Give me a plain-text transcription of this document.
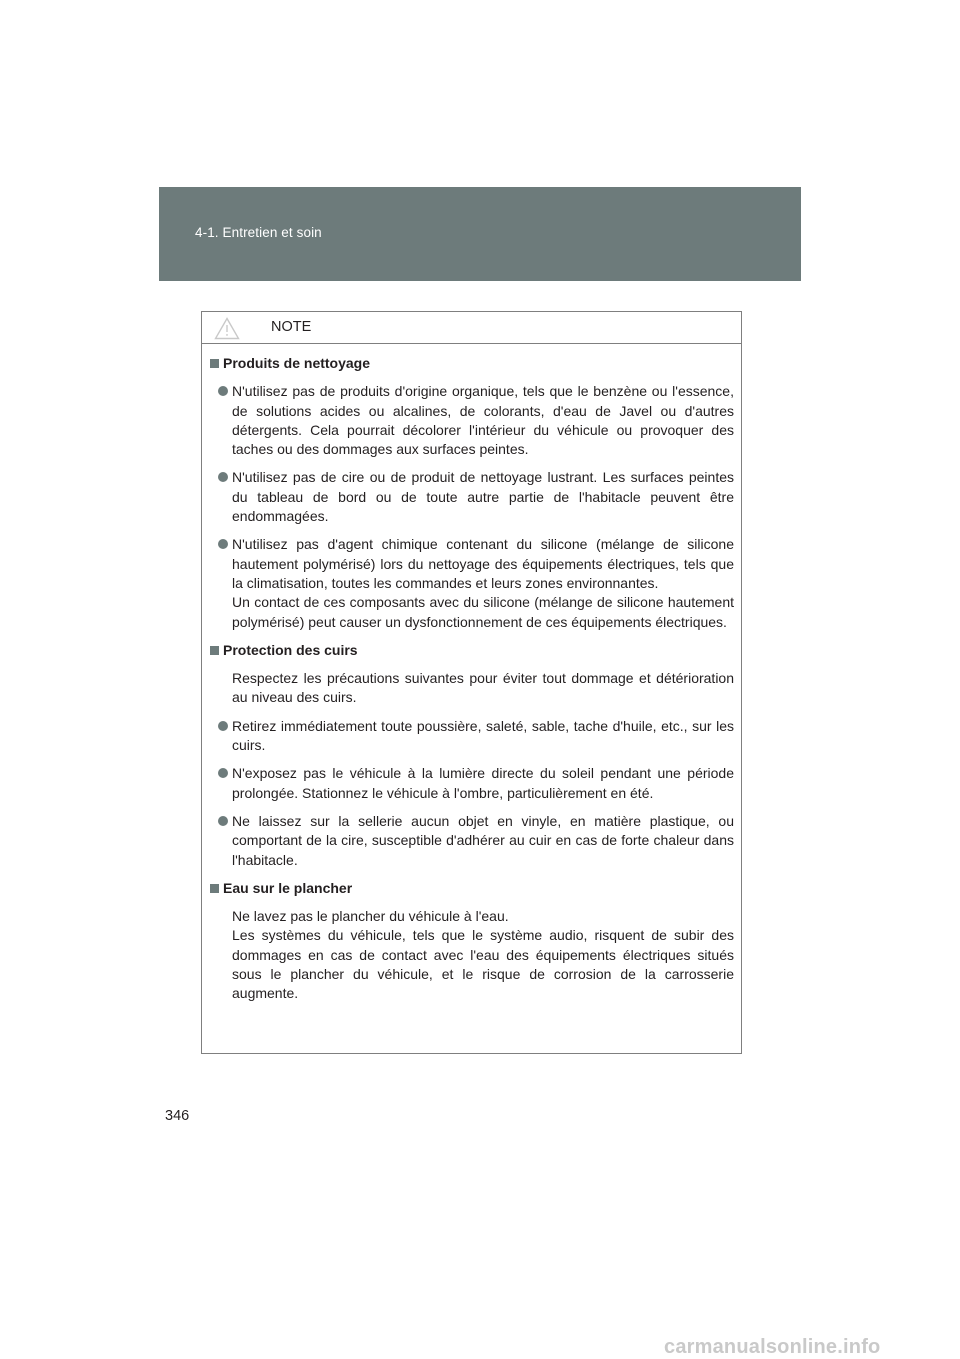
4-1. Entretien et soin
NOTE
Produits de nettoyage

N'utilisez pas de produits d'origine organique, tels que le benzène ou l'essence, de solutions acides ou alcalines, de colorants, d'eau de Javel ou d'autres détergents. Cela pourrait décolorer l'intérieur du véhicule ou provoquer des taches ou des dommages aux surfaces peintes.

N'utilisez pas de cire ou de produit de nettoyage lustrant. Les surfaces peintes du tableau de bord ou de toute autre partie de l'habitacle peuvent être endommagées.

N'utilisez pas d'agent chimique contenant du silicone (mélange de silicone hautement polymérisé) lors du nettoyage des équipements électriques, tels que la climatisation, toutes les commandes et leurs zones environnantes.

Un contact de ces composants avec du silicone (mélange de silicone hautement polymérisé) peut causer un dysfonctionnement de ces équipements électriques.

Protection des cuirs

Respectez les précautions suivantes pour éviter tout dommage et détérioration au niveau des cuirs.

Retirez immédiatement toute poussière, saleté, sable, tache d'huile, etc., sur les cuirs.

N'exposez pas le véhicule à la lumière directe du soleil pendant une période prolongée. Stationnez le véhicule à l'ombre, particulièrement en été.

Ne laissez sur la sellerie aucun objet en vinyle, en matière plastique, ou comportant de la cire, susceptible d'adhérer au cuir en cas de forte chaleur dans l'habitacle.

Eau sur le plancher

Ne lavez pas le plancher du véhicule à l'eau.

Les systèmes du véhicule, tels que le système audio, risquent de subir des dommages en cas de contact avec l'eau des équipements électriques situés sous le plancher du véhicule, et le risque de corrosion de la carrosserie augmente.

346
carmanualsonline.info
